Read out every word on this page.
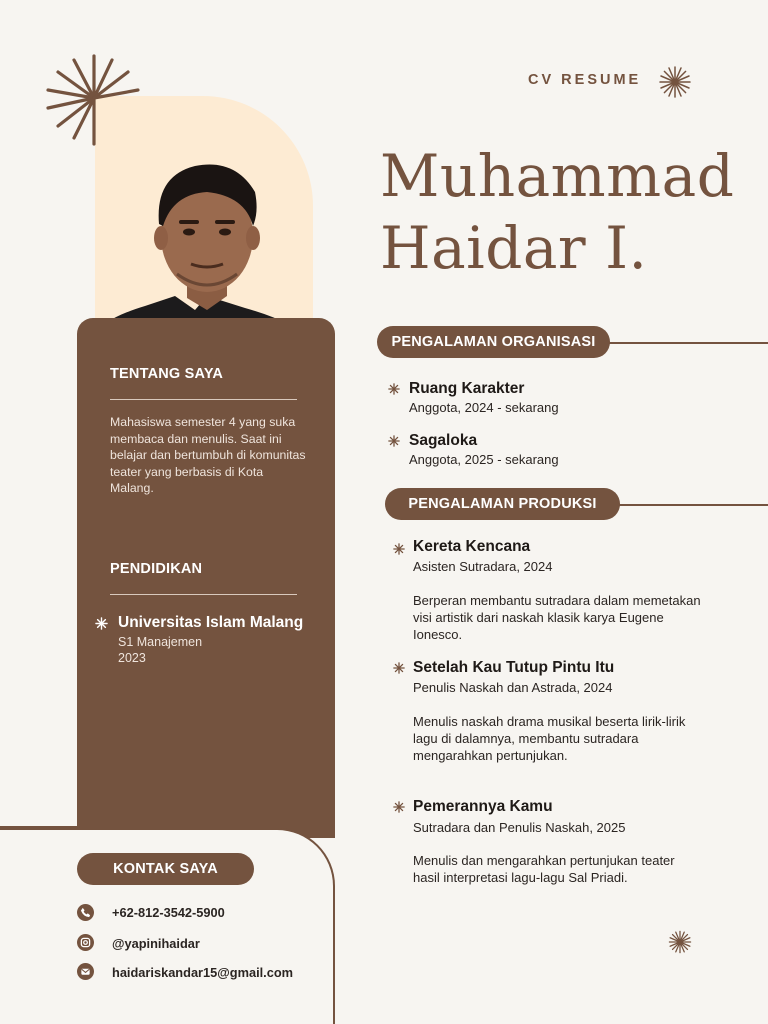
TENTANG SAYA
Mahasiswa semester 4 yang suka membaca dan menulis. Saat ini belajar dan bertumbuh di komunitas teater yang berbasis di Kota Malang.
PENDIDIKAN
Universitas Islam Malang
S1 Manajemen
2023
KONTAK SAYA
+62-812-3542-5900
@yapinihaidar
haidariskandar15@gmail.com
CV RESUME
Muhammad
Haidar I.
PENGALAMAN ORGANISASI
Ruang Karakter
Anggota, 2024 - sekarang
Sagaloka
Anggota, 2025 - sekarang
PENGALAMAN PRODUKSI
Kereta Kencana
Asisten Sutradara, 2024
Berperan membantu sutradara dalam memetakan visi artistik dari naskah klasik karya Eugene Ionesco.
Setelah Kau Tutup Pintu Itu
Penulis Naskah dan Astrada, 2024
Menulis naskah drama musikal beserta lirik-lirik lagu di dalamnya, membantu sutradara mengarahkan pertunjukan.
Pemerannya Kamu
Sutradara dan Penulis Naskah, 2025
Menulis dan mengarahkan pertunjukan teater hasil interpretasi lagu-lagu Sal Priadi.
